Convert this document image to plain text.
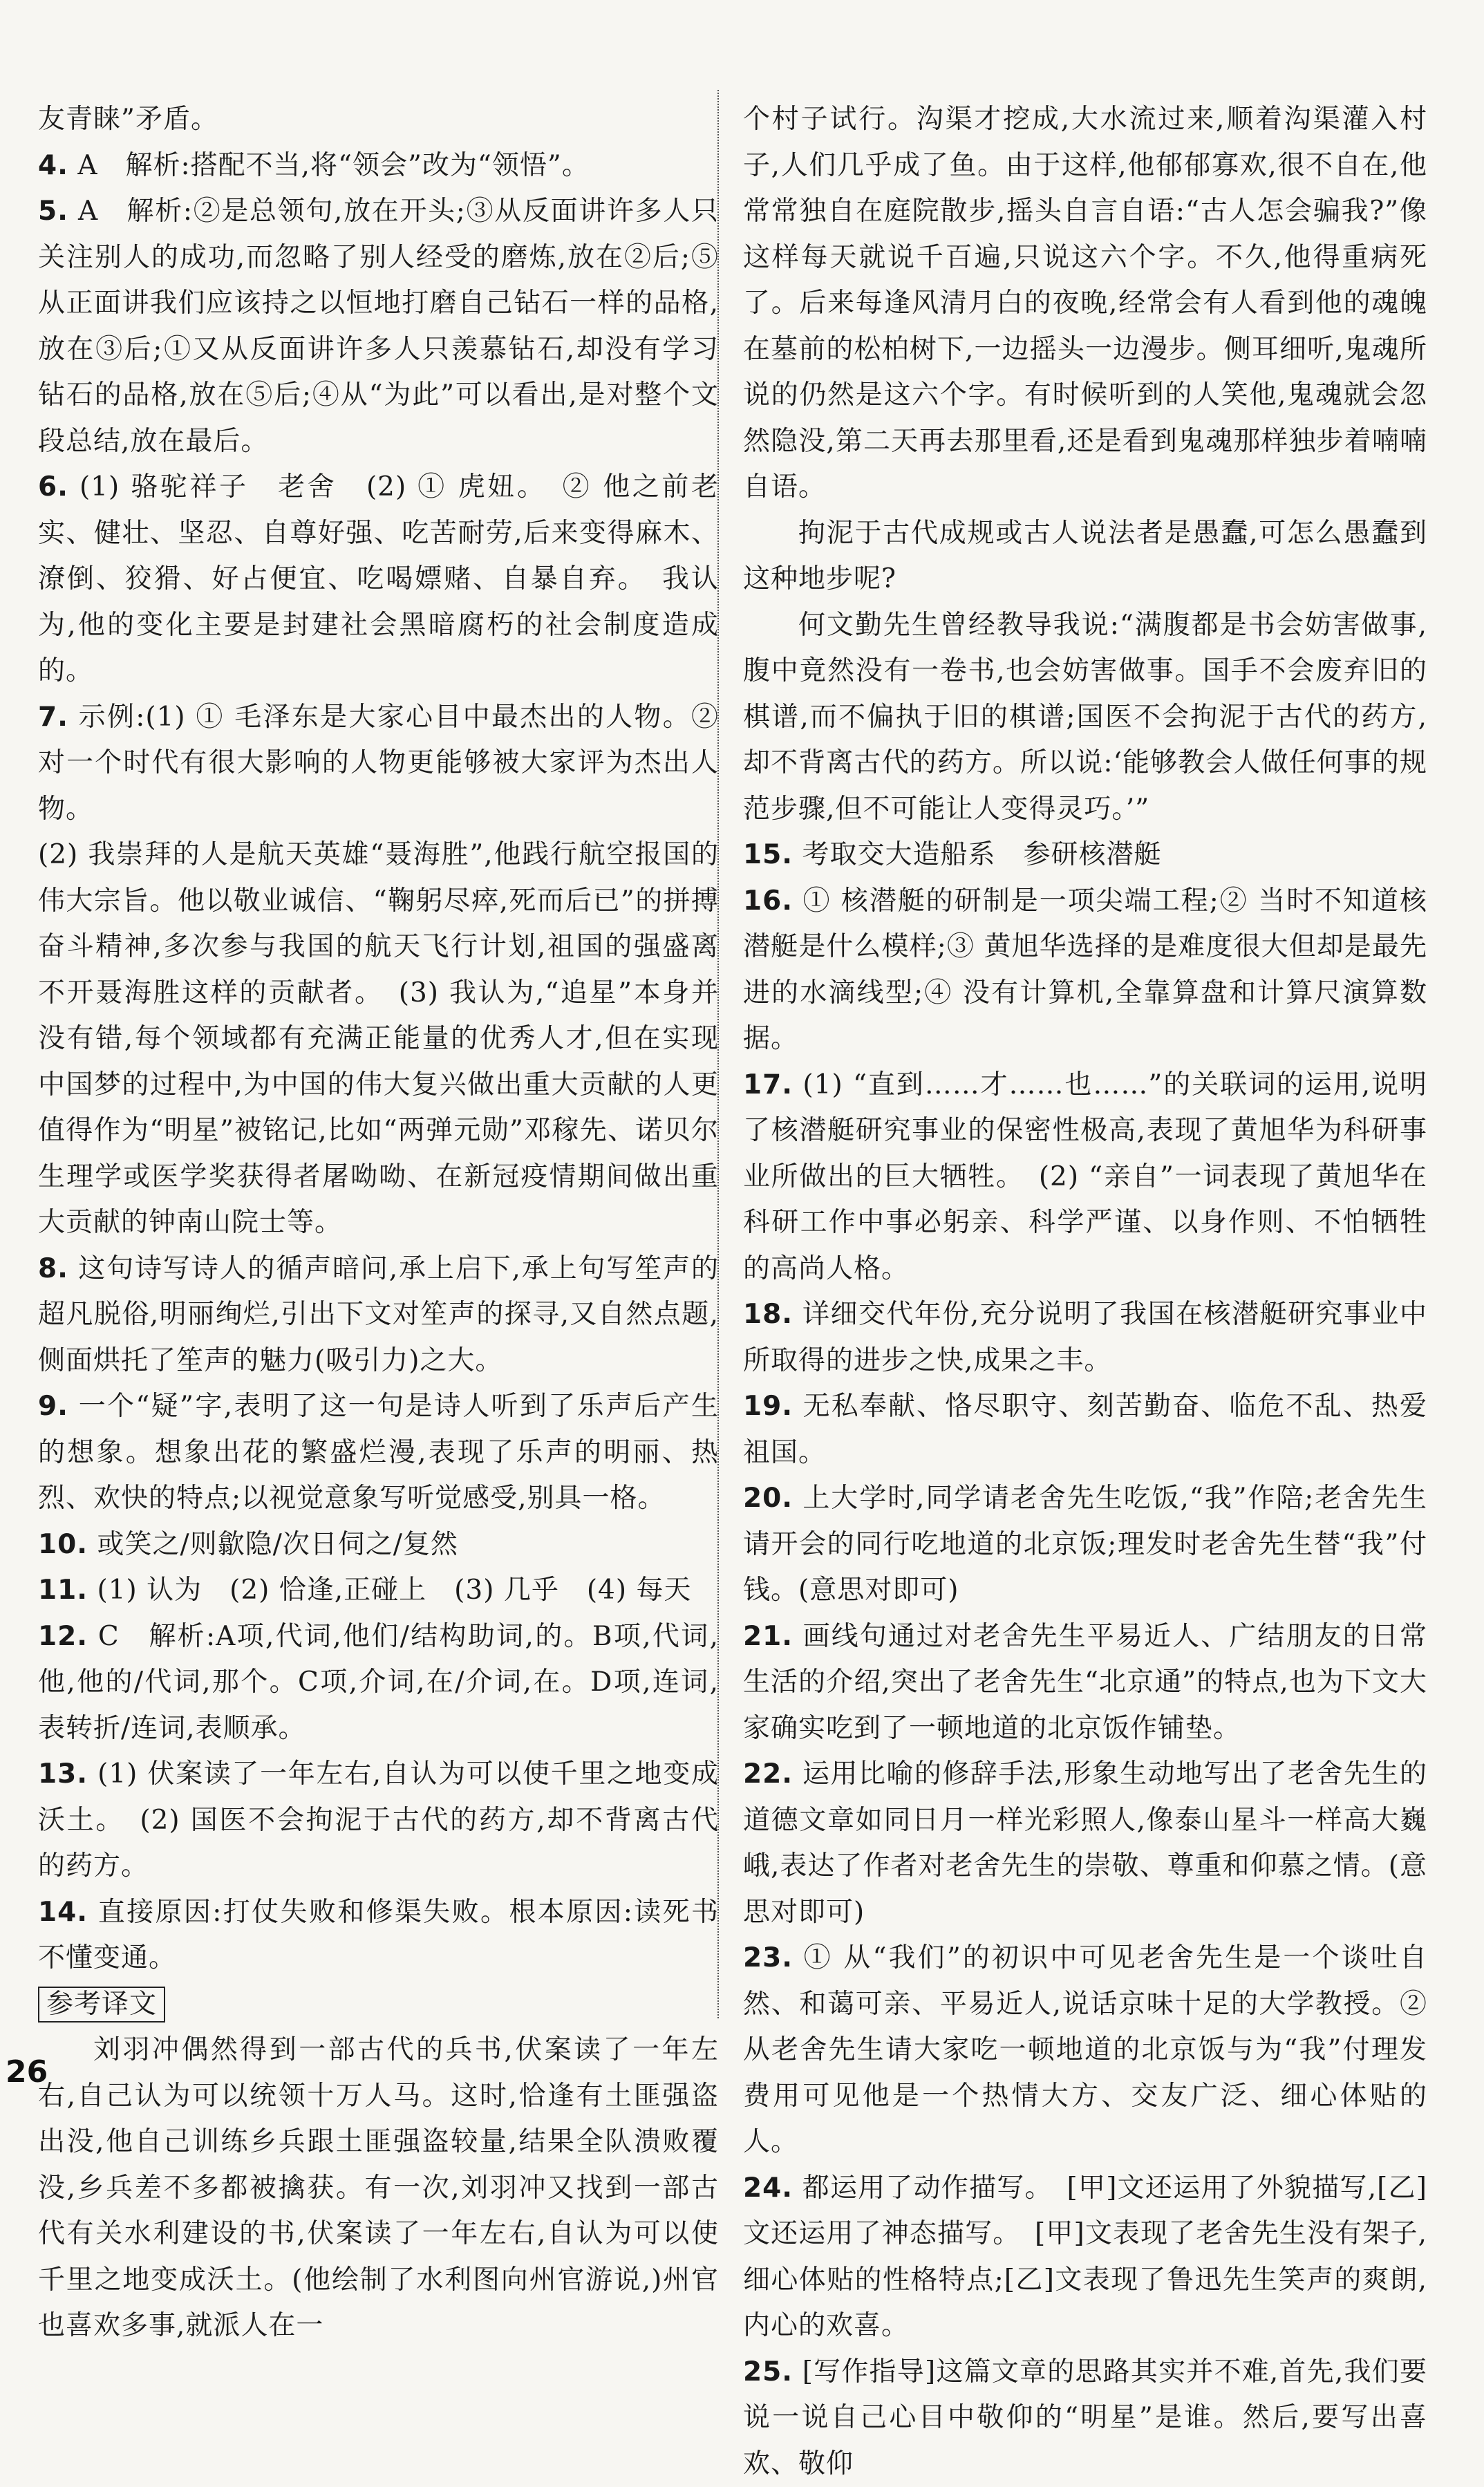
友青睐”矛盾。
4. A　解析:搭配不当,将“领会”改为“领悟”。
5. A　解析:②是总领句,放在开头;③从反面讲许多人只关注别人的成功,而忽略了别人经受的磨炼,放在②后;⑤从正面讲我们应该持之以恒地打磨自己钻石一样的品格,放在③后;①又从反面讲许多人只羡慕钻石,却没有学习钻石的品格,放在⑤后;④从“为此”可以看出,是对整个文段总结,放在最后。
6. (1) 骆驼祥子　老舍　(2) ① 虎妞。　② 他之前老实、健壮、坚忍、自尊好强、吃苦耐劳,后来变得麻木、潦倒、狡猾、好占便宜、吃喝嫖赌、自暴自弃。　我认为,他的变化主要是封建社会黑暗腐朽的社会制度造成的。
7. 示例:(1) ① 毛泽东是大家心目中最杰出的人物。② 对一个时代有很大影响的人物更能够被大家评为杰出人物。
(2) 我崇拜的人是航天英雄“聂海胜”,他践行航空报国的伟大宗旨。他以敬业诚信、“鞠躬尽瘁,死而后已”的拼搏奋斗精神,多次参与我国的航天飞行计划,祖国的强盛离不开聂海胜这样的贡献者。　(3) 我认为,“追星”本身并没有错,每个领域都有充满正能量的优秀人才,但在实现中国梦的过程中,为中国的伟大复兴做出重大贡献的人更值得作为“明星”被铭记,比如“两弹元勋”邓稼先、诺贝尔生理学或医学奖获得者屠呦呦、在新冠疫情期间做出重大贡献的钟南山院士等。
8. 这句诗写诗人的循声暗问,承上启下,承上句写笙声的超凡脱俗,明丽绚烂,引出下文对笙声的探寻,又自然点题,侧面烘托了笙声的魅力(吸引力)之大。
9. 一个“疑”字,表明了这一句是诗人听到了乐声后产生的想象。想象出花的繁盛烂漫,表现了乐声的明丽、热烈、欢快的特点;以视觉意象写听觉感受,别具一格。
10. 或笑之/则歙隐/次日伺之/复然
11. (1) 认为　(2) 恰逢,正碰上　(3) 几乎　(4) 每天
12. C　解析:A项,代词,他们/结构助词,的。B项,代词,他,他的/代词,那个。C项,介词,在/介词,在。D项,连词,表转折/连词,表顺承。
13. (1) 伏案读了一年左右,自认为可以使千里之地变成沃土。　(2) 国医不会拘泥于古代的药方,却不背离古代的药方。
14. 直接原因:打仗失败和修渠失败。根本原因:读死书不懂变通。
参考译文
刘羽冲偶然得到一部古代的兵书,伏案读了一年左右,自己认为可以统领十万人马。这时,恰逢有土匪强盗出没,他自己训练乡兵跟土匪强盗较量,结果全队溃败覆没,乡兵差不多都被擒获。有一次,刘羽冲又找到一部古代有关水利建设的书,伏案读了一年左右,自认为可以使千里之地变成沃土。(他绘制了水利图向州官游说,)州官也喜欢多事,就派人在一
个村子试行。沟渠才挖成,大水流过来,顺着沟渠灌入村子,人们几乎成了鱼。由于这样,他郁郁寡欢,很不自在,他常常独自在庭院散步,摇头自言自语:“古人怎会骗我?”像这样每天就说千百遍,只说这六个字。不久,他得重病死了。后来每逢风清月白的夜晚,经常会有人看到他的魂魄在墓前的松柏树下,一边摇头一边漫步。侧耳细听,鬼魂所说的仍然是这六个字。有时候听到的人笑他,鬼魂就会忽然隐没,第二天再去那里看,还是看到鬼魂那样独步着喃喃自语。
拘泥于古代成规或古人说法者是愚蠢,可怎么愚蠢到这种地步呢?
何文勤先生曾经教导我说:“满腹都是书会妨害做事,腹中竟然没有一卷书,也会妨害做事。国手不会废弃旧的棋谱,而不偏执于旧的棋谱;国医不会拘泥于古代的药方,却不背离古代的药方。所以说:‘能够教会人做任何事的规范步骤,但不可能让人变得灵巧。’”
15. 考取交大造船系　参研核潜艇
16. ① 核潜艇的研制是一项尖端工程;② 当时不知道核潜艇是什么模样;③ 黄旭华选择的是难度很大但却是最先进的水滴线型;④ 没有计算机,全靠算盘和计算尺演算数据。
17. (1) “直到……才……也……”的关联词的运用,说明了核潜艇研究事业的保密性极高,表现了黄旭华为科研事业所做出的巨大牺牲。　(2) “亲自”一词表现了黄旭华在科研工作中事必躬亲、科学严谨、以身作则、不怕牺牲的高尚人格。
18. 详细交代年份,充分说明了我国在核潜艇研究事业中所取得的进步之快,成果之丰。
19. 无私奉献、恪尽职守、刻苦勤奋、临危不乱、热爱祖国。
20. 上大学时,同学请老舍先生吃饭,“我”作陪;老舍先生请开会的同行吃地道的北京饭;理发时老舍先生替“我”付钱。(意思对即可)
21. 画线句通过对老舍先生平易近人、广结朋友的日常生活的介绍,突出了老舍先生“北京通”的特点,也为下文大家确实吃到了一顿地道的北京饭作铺垫。
22. 运用比喻的修辞手法,形象生动地写出了老舍先生的道德文章如同日月一样光彩照人,像泰山星斗一样高大巍峨,表达了作者对老舍先生的崇敬、尊重和仰慕之情。(意思对即可)
23. ① 从“我们”的初识中可见老舍先生是一个谈吐自然、和蔼可亲、平易近人,说话京味十足的大学教授。② 从老舍先生请大家吃一顿地道的北京饭与为“我”付理发费用可见他是一个热情大方、交友广泛、细心体贴的人。
24. 都运用了动作描写。　[甲]文还运用了外貌描写,[乙]文还运用了神态描写。　[甲]文表现了老舍先生没有架子,细心体贴的性格特点;[乙]文表现了鲁迅先生笑声的爽朗,内心的欢喜。
25. [写作指导]这篇文章的思路其实并不难,首先,我们要说一说自己心目中敬仰的“明星”是谁。然后,要写出喜欢、敬仰
26
